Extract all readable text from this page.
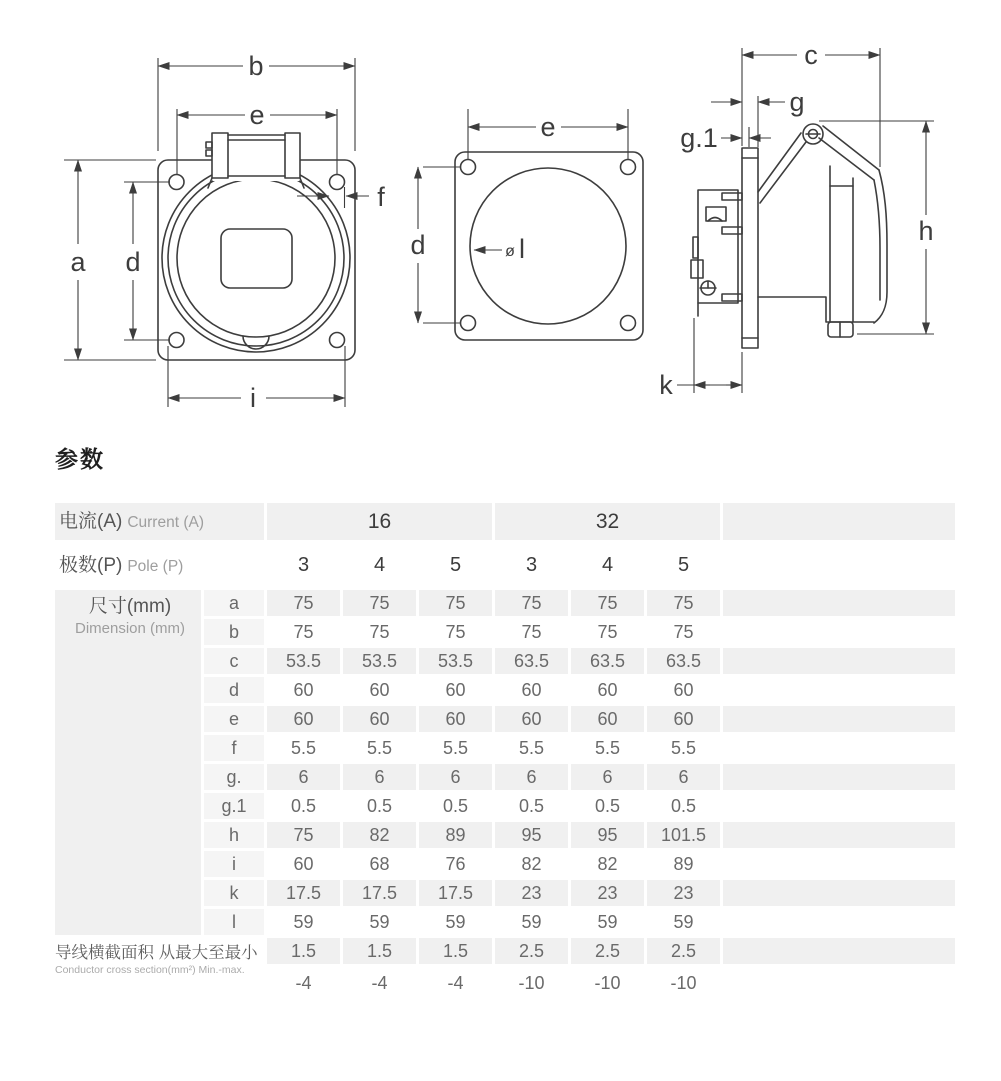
b
e
a d
f
i
e
d	ø l
c
g
g.1
h
k
参数
电流(A) Current (A)	16	32
极数(P) Pole (P)	3	4	5	3	4	5
尺寸(mm)
Dimension (mm)
a	75	75	75	75	75	75
b	75	75	75	75	75	75
c	53.5	53.5	53.5	63.5	63.5	63.5
d	60	60	60	60	60	60
e	60	60	60	60	60	60
f	5.5	5.5	5.5	5.5	5.5	5.5
g.	6	6	6	6	6	6
g.1	0.5	0.5	0.5	0.5	0.5	0.5
h	75	82	89	95	95	101.5
i	60	68	76	82	82	89
k	17.5	17.5	17.5	23	23	23
l	59	59	59	59	59	59
导线横截面积 从最大至最小
Conductor cross section(mm²) Min.-max.
1.5	1.5	1.5	2.5	2.5	2.5
-4	-4	-4	-10	-10	-10
